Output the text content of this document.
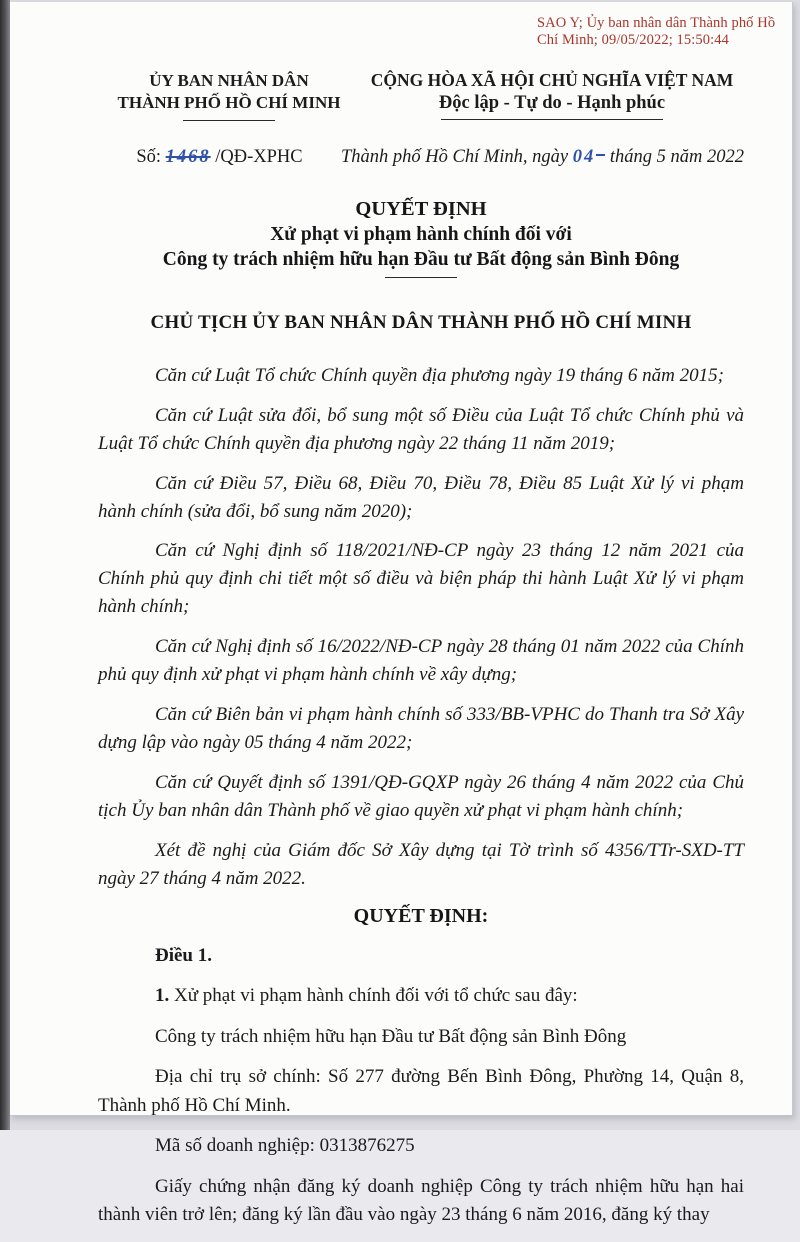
SAO Y; Ủy ban nhân dân Thành phố Hồ Chí Minh; 09/05/2022; 15:50:44
ỦY BAN NHÂN DÂN
THÀNH PHỐ HỒ CHÍ MINH
CỘNG HÒA XÃ HỘI CHỦ NGHĨA VIỆT NAM
Độc lập - Tự do - Hạnh phúc
Số: 1468 /QĐ-XPHC	Thành phố Hồ Chí Minh, ngày 04 tháng 5 năm 2022
QUYẾT ĐỊNH
Xử phạt vi phạm hành chính đối với
Công ty trách nhiệm hữu hạn Đầu tư Bất động sản Bình Đông
CHỦ TỊCH ỦY BAN NHÂN DÂN THÀNH PHỐ HỒ CHÍ MINH

Căn cứ Luật Tổ chức Chính quyền địa phương ngày 19 tháng 6 năm 2015;

Căn cứ Luật sửa đổi, bổ sung một số Điều của Luật Tổ chức Chính phủ và Luật Tổ chức Chính quyền địa phương ngày 22 tháng 11 năm 2019;

Căn cứ Điều 57, Điều 68, Điều 70, Điều 78, Điều 85 Luật Xử lý vi phạm hành chính (sửa đổi, bổ sung năm 2020);

Căn cứ Nghị định số 118/2021/NĐ-CP ngày 23 tháng 12 năm 2021 của Chính phủ quy định chi tiết một số điều và biện pháp thi hành Luật Xử lý vi phạm hành chính;

Căn cứ Nghị định số 16/2022/NĐ-CP ngày 28 tháng 01 năm 2022 của Chính phủ quy định xử phạt vi phạm hành chính về xây dựng;

Căn cứ Biên bản vi phạm hành chính số 333/BB-VPHC do Thanh tra Sở Xây dựng lập vào ngày 05 tháng 4 năm 2022;

Căn cứ Quyết định số 1391/QĐ-GQXP ngày 26 tháng 4 năm 2022 của Chủ tịch Ủy ban nhân dân Thành phố về giao quyền xử phạt vi phạm hành chính;

Xét đề nghị của Giám đốc Sở Xây dựng tại Tờ trình số 4356/TTr-SXD-TT ngày 27 tháng 4 năm 2022.

QUYẾT ĐỊNH:

Điều 1.

1. Xử phạt vi phạm hành chính đối với tổ chức sau đây:

Công ty trách nhiệm hữu hạn Đầu tư Bất động sản Bình Đông

Địa chỉ trụ sở chính: Số 277 đường Bến Bình Đông, Phường 14, Quận 8, Thành phố Hồ Chí Minh.

Mã số doanh nghiệp: 0313876275

Giấy chứng nhận đăng ký doanh nghiệp Công ty trách nhiệm hữu hạn hai thành viên trở lên; đăng ký lần đầu vào ngày 23 tháng 6 năm 2016, đăng ký thay
